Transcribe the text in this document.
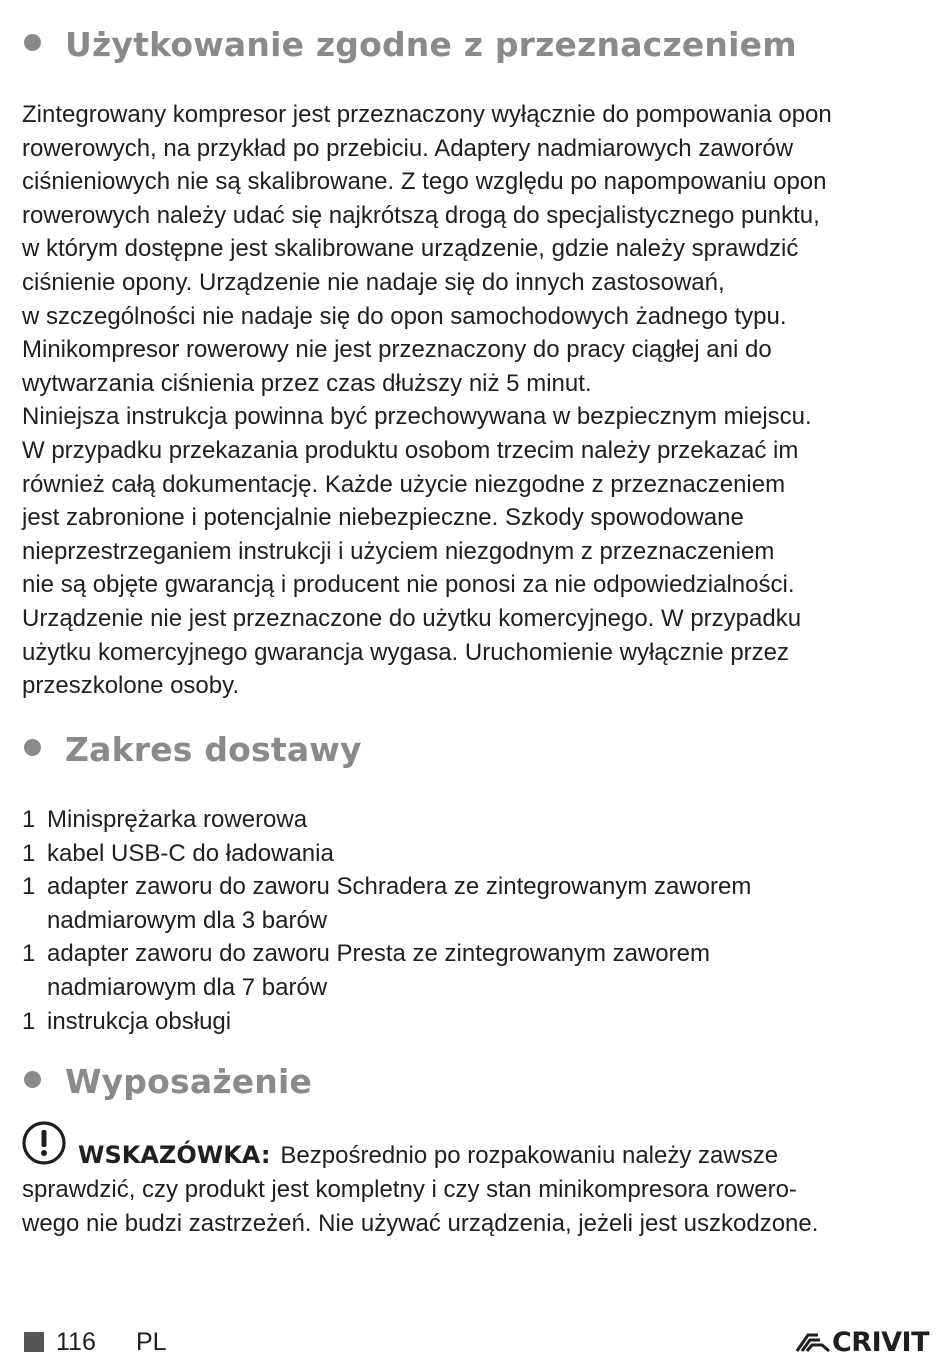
Użytkowanie zgodne z przeznaczeniem
Zintegrowany kompresor jest przeznaczony wyłącznie do pompowania opon
rowerowych, na przykład po przebiciu. Adaptery nadmiarowych zaworów
ciśnieniowych nie są skalibrowane. Z tego względu po napompowaniu opon
rowerowych należy udać się najkrótszą drogą do specjalistycznego punktu,
w którym dostępne jest skalibrowane urządzenie, gdzie należy sprawdzić
ciśnienie opony. Urządzenie nie nadaje się do innych zastosowań,
w szczególności nie nadaje się do opon samochodowych żadnego typu.
Minikompresor rowerowy nie jest przeznaczony do pracy ciągłej ani do
wytwarzania ciśnienia przez czas dłuższy niż 5 minut.
Niniejsza instrukcja powinna być przechowywana w bezpiecznym miejscu.
W przypadku przekazania produktu osobom trzecim należy przekazać im
również całą dokumentację. Każde użycie niezgodne z przeznaczeniem
jest zabronione i potencjalnie niebezpieczne. Szkody spowodowane
nieprzestrzeganiem instrukcji i użyciem niezgodnym z przeznaczeniem
nie są objęte gwarancją i producent nie ponosi za nie odpowiedzialności.
Urządzenie nie jest przeznaczone do użytku komercyjnego. W przypadku
użytku komercyjnego gwarancja wygasa. Uruchomienie wyłącznie przez
przeszkolone osoby.
Zakres dostawy
1 Minisprężarka rowerowa
1 kabel USB-C do ładowania
1 adapter zaworu do zaworu Schradera ze zintegrowanym zaworem
nadmiarowym dla 3 barów
1 adapter zaworu do zaworu Presta ze zintegrowanym zaworem
nadmiarowym dla 7 barów
1 instrukcja obsługi
Wyposażenie
WSKAZÓWKA: Bezpośrednio po rozpakowaniu należy zawsze
sprawdzić, czy produkt jest kompletny i czy stan minikompresora rowero-
wego nie budzi zastrzeżeń. Nie używać urządzenia, jeżeli jest uszkodzone.
116 PL	CRIVIT
